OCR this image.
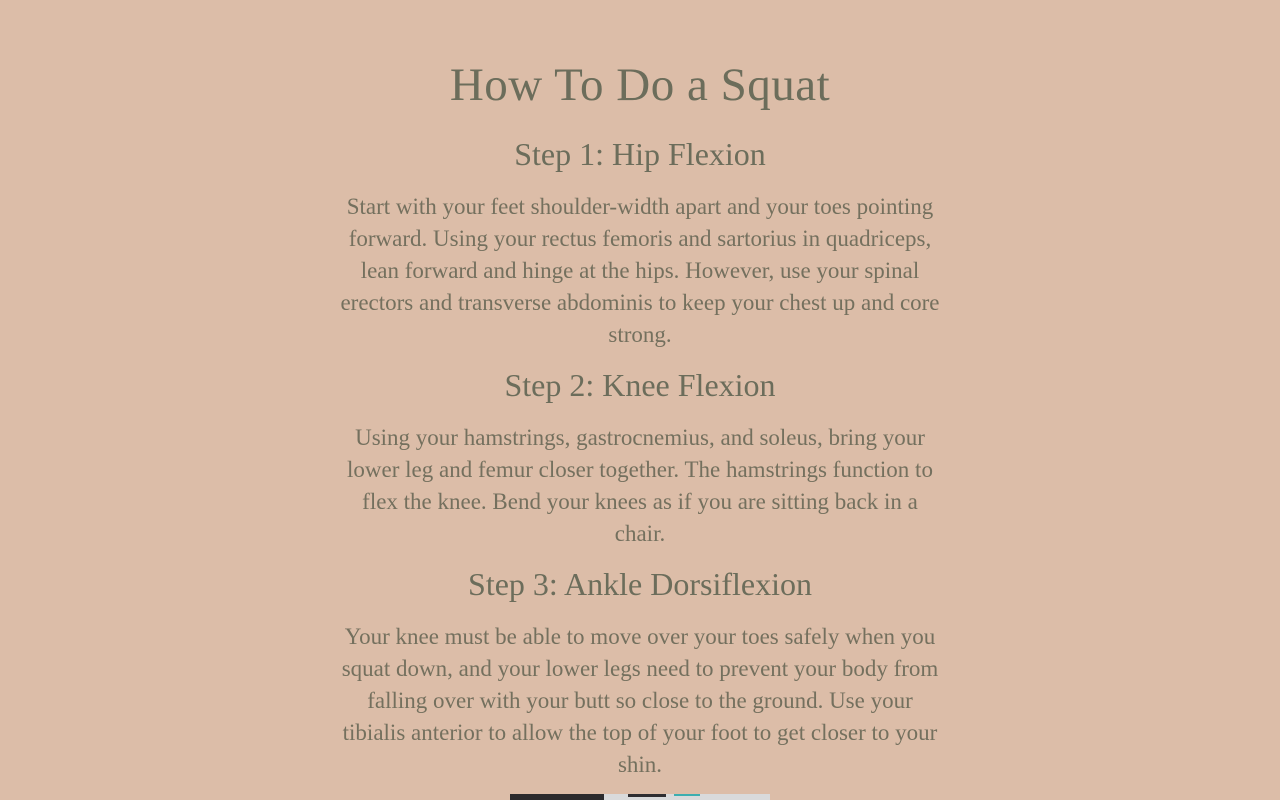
How To Do a Squat
Step 1: Hip Flexion

Start with your feet shoulder-width apart and your toes pointing forward. Using your rectus femoris and sartorius in quadriceps, lean forward and hinge at the hips. However, use your spinal erectors and transverse abdominis to keep your chest up and core strong.

Step 2: Knee Flexion

Using your hamstrings, gastrocnemius, and soleus, bring your lower leg and femur closer together. The hamstrings function to flex the knee. Bend your knees as if you are sitting back in a chair.

Step 3: Ankle Dorsiflexion

Your knee must be able to move over your toes safely when you squat down, and your lower legs need to prevent your body from falling over with your butt so close to the ground. Use your tibialis anterior to allow the top of your foot to get closer to your shin.
